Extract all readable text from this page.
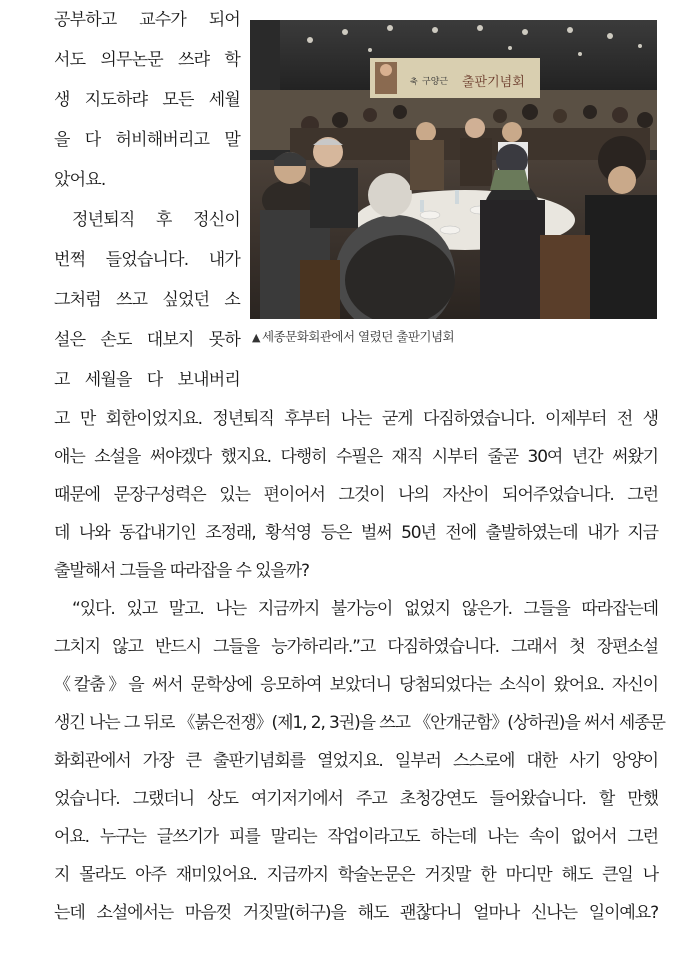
공부하고 교수가 되어
서도 의무논문 쓰랴 학
생 지도하랴 모든 세월
을 다 허비해버리고 말
았어요.
정년퇴직 후 정신이
번쩍 들었습니다. 내가
그처럼 쓰고 싶었던 소
설은 손도 대보지 못하
고 세월을 다 보내버리
축 구양근 출판기념회
▲ 세종문화회관에서 열렸던 출판기념회
고 만 회한이었지요. 정년퇴직 후부터 나는 굳게 다짐하였습니다. 이제부터 전 생
애는 소설을 써야겠다 했지요. 다행히 수필은 재직 시부터 줄곧 30여 년간 써왔기
때문에 문장구성력은 있는 편이어서 그것이 나의 자산이 되어주었습니다. 그런
데 나와 동갑내기인 조정래, 황석영 등은 벌써 50년 전에 출발하였는데 내가 지금
출발해서 그들을 따라잡을 수 있을까?
“있다. 있고 말고. 나는 지금까지 불가능이 없었지 않은가. 그들을 따라잡는데
그치지 않고 반드시 그들을 능가하리라.”고 다짐하였습니다. 그래서 첫 장편소설
《칼춤》을 써서 문학상에 응모하여 보았더니 당첨되었다는 소식이 왔어요. 자신이
생긴 나는 그 뒤로 《붉은전쟁》(제1, 2, 3권)을 쓰고 《안개군함》(상하권)을 써서 세종문
화회관에서 가장 큰 출판기념회를 열었지요. 일부러 스스로에 대한 사기 앙양이
었습니다. 그랬더니 상도 여기저기에서 주고 초청강연도 들어왔습니다. 할 만했
어요. 누구는 글쓰기가 피를 말리는 작업이라고도 하는데 나는 속이 없어서 그런
지 몰라도 아주 재미있어요. 지금까지 학술논문은 거짓말 한 마디만 해도 큰일 나
는데 소설에서는 마음껏 거짓말(허구)을 해도 괜찮다니 얼마나 신나는 일이예요?
